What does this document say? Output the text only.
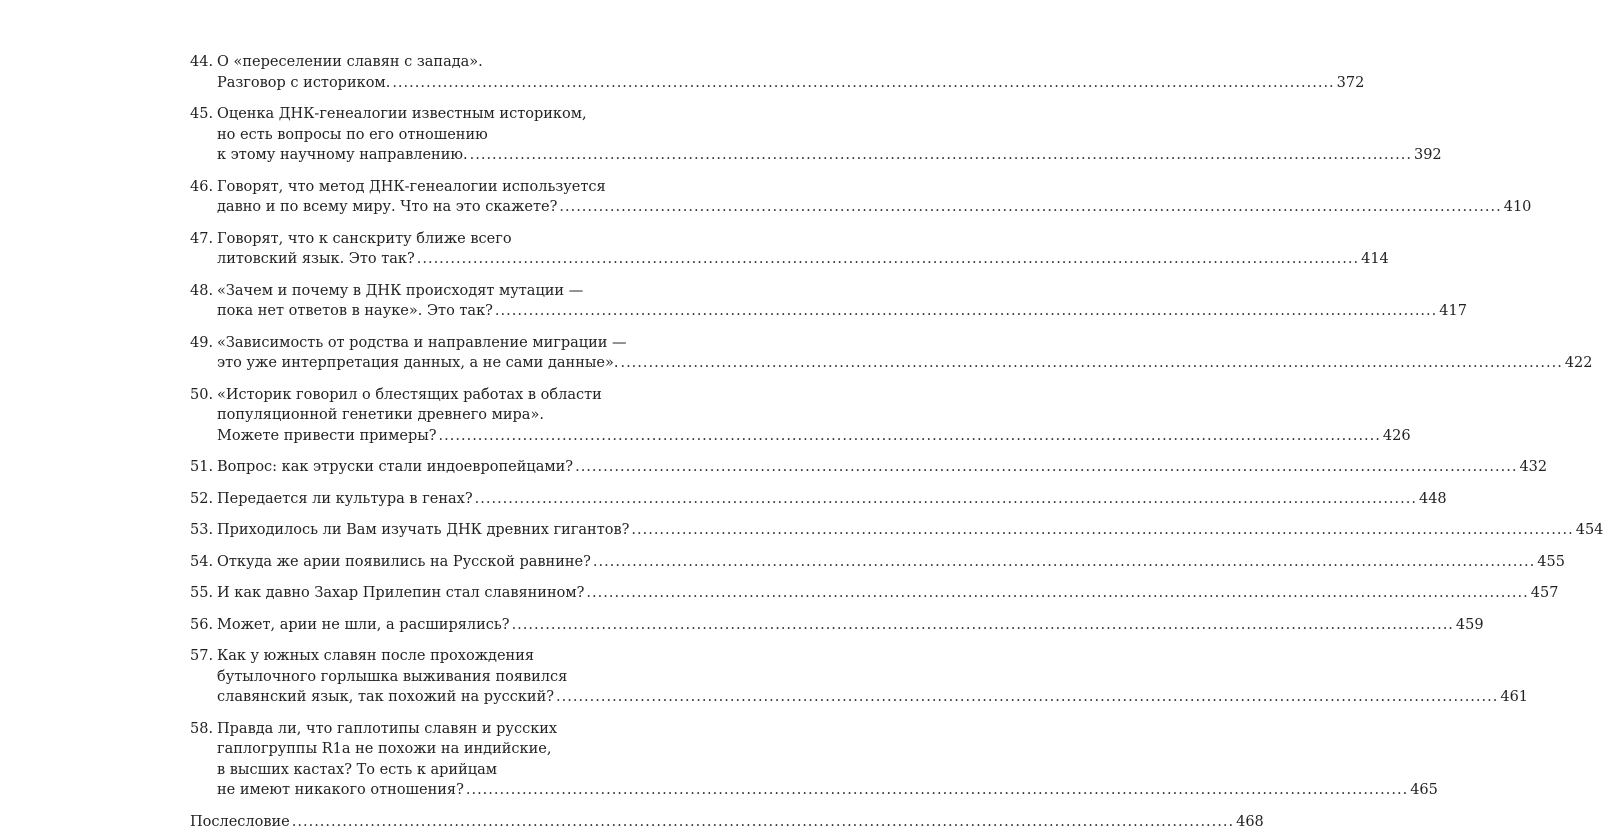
44. О «переселении славян с запада».
Разговор с историком. .....	372
45. Оценка ДНК-генеалогии известным историком,
но есть вопросы по его отношению
к этому научному направлению. .....	392
46. Говорят, что метод ДНК-генеалогии используется
давно и по всему миру. Что на это скажете? .....	410
47. Говорят, что к санскриту ближе всего
литовский язык. Это так? .....	414
48. «Зачем и почему в ДНК происходят мутации —
пока нет ответов в науке». Это так? .....	417
49. «Зависимость от родства и направление миграции —
это уже интерпретация данных, а не сами данные». .....	422
50. «Историк говорил о блестящих работах в области
популяционной генетики древнего мира».
Можете привести примеры? .....	426
51. Вопрос: как этруски стали индоевропейцами? .....	432
52. Передается ли культура в генах? .....	448
53. Приходилось ли Вам изучать ДНК древних гигантов? .....	454
54. Откуда же арии появились на Русской равнине? .....	455
55. И как давно Захар Прилепин стал славянином? .....	457
56. Может, арии не шли, а расширялись? .....	459
57. Как у южных славян после прохождения
бутылочного горлышка выживания появился
славянский язык, так похожий на русский? .....	461
58. Правда ли, что гаплотипы славян и русских
гаплогруппы R1a не похожи на индийские,
в высших кастах? То есть к арийцам
не имеют никакого отношения? .....	465
Послесловие .....	468
